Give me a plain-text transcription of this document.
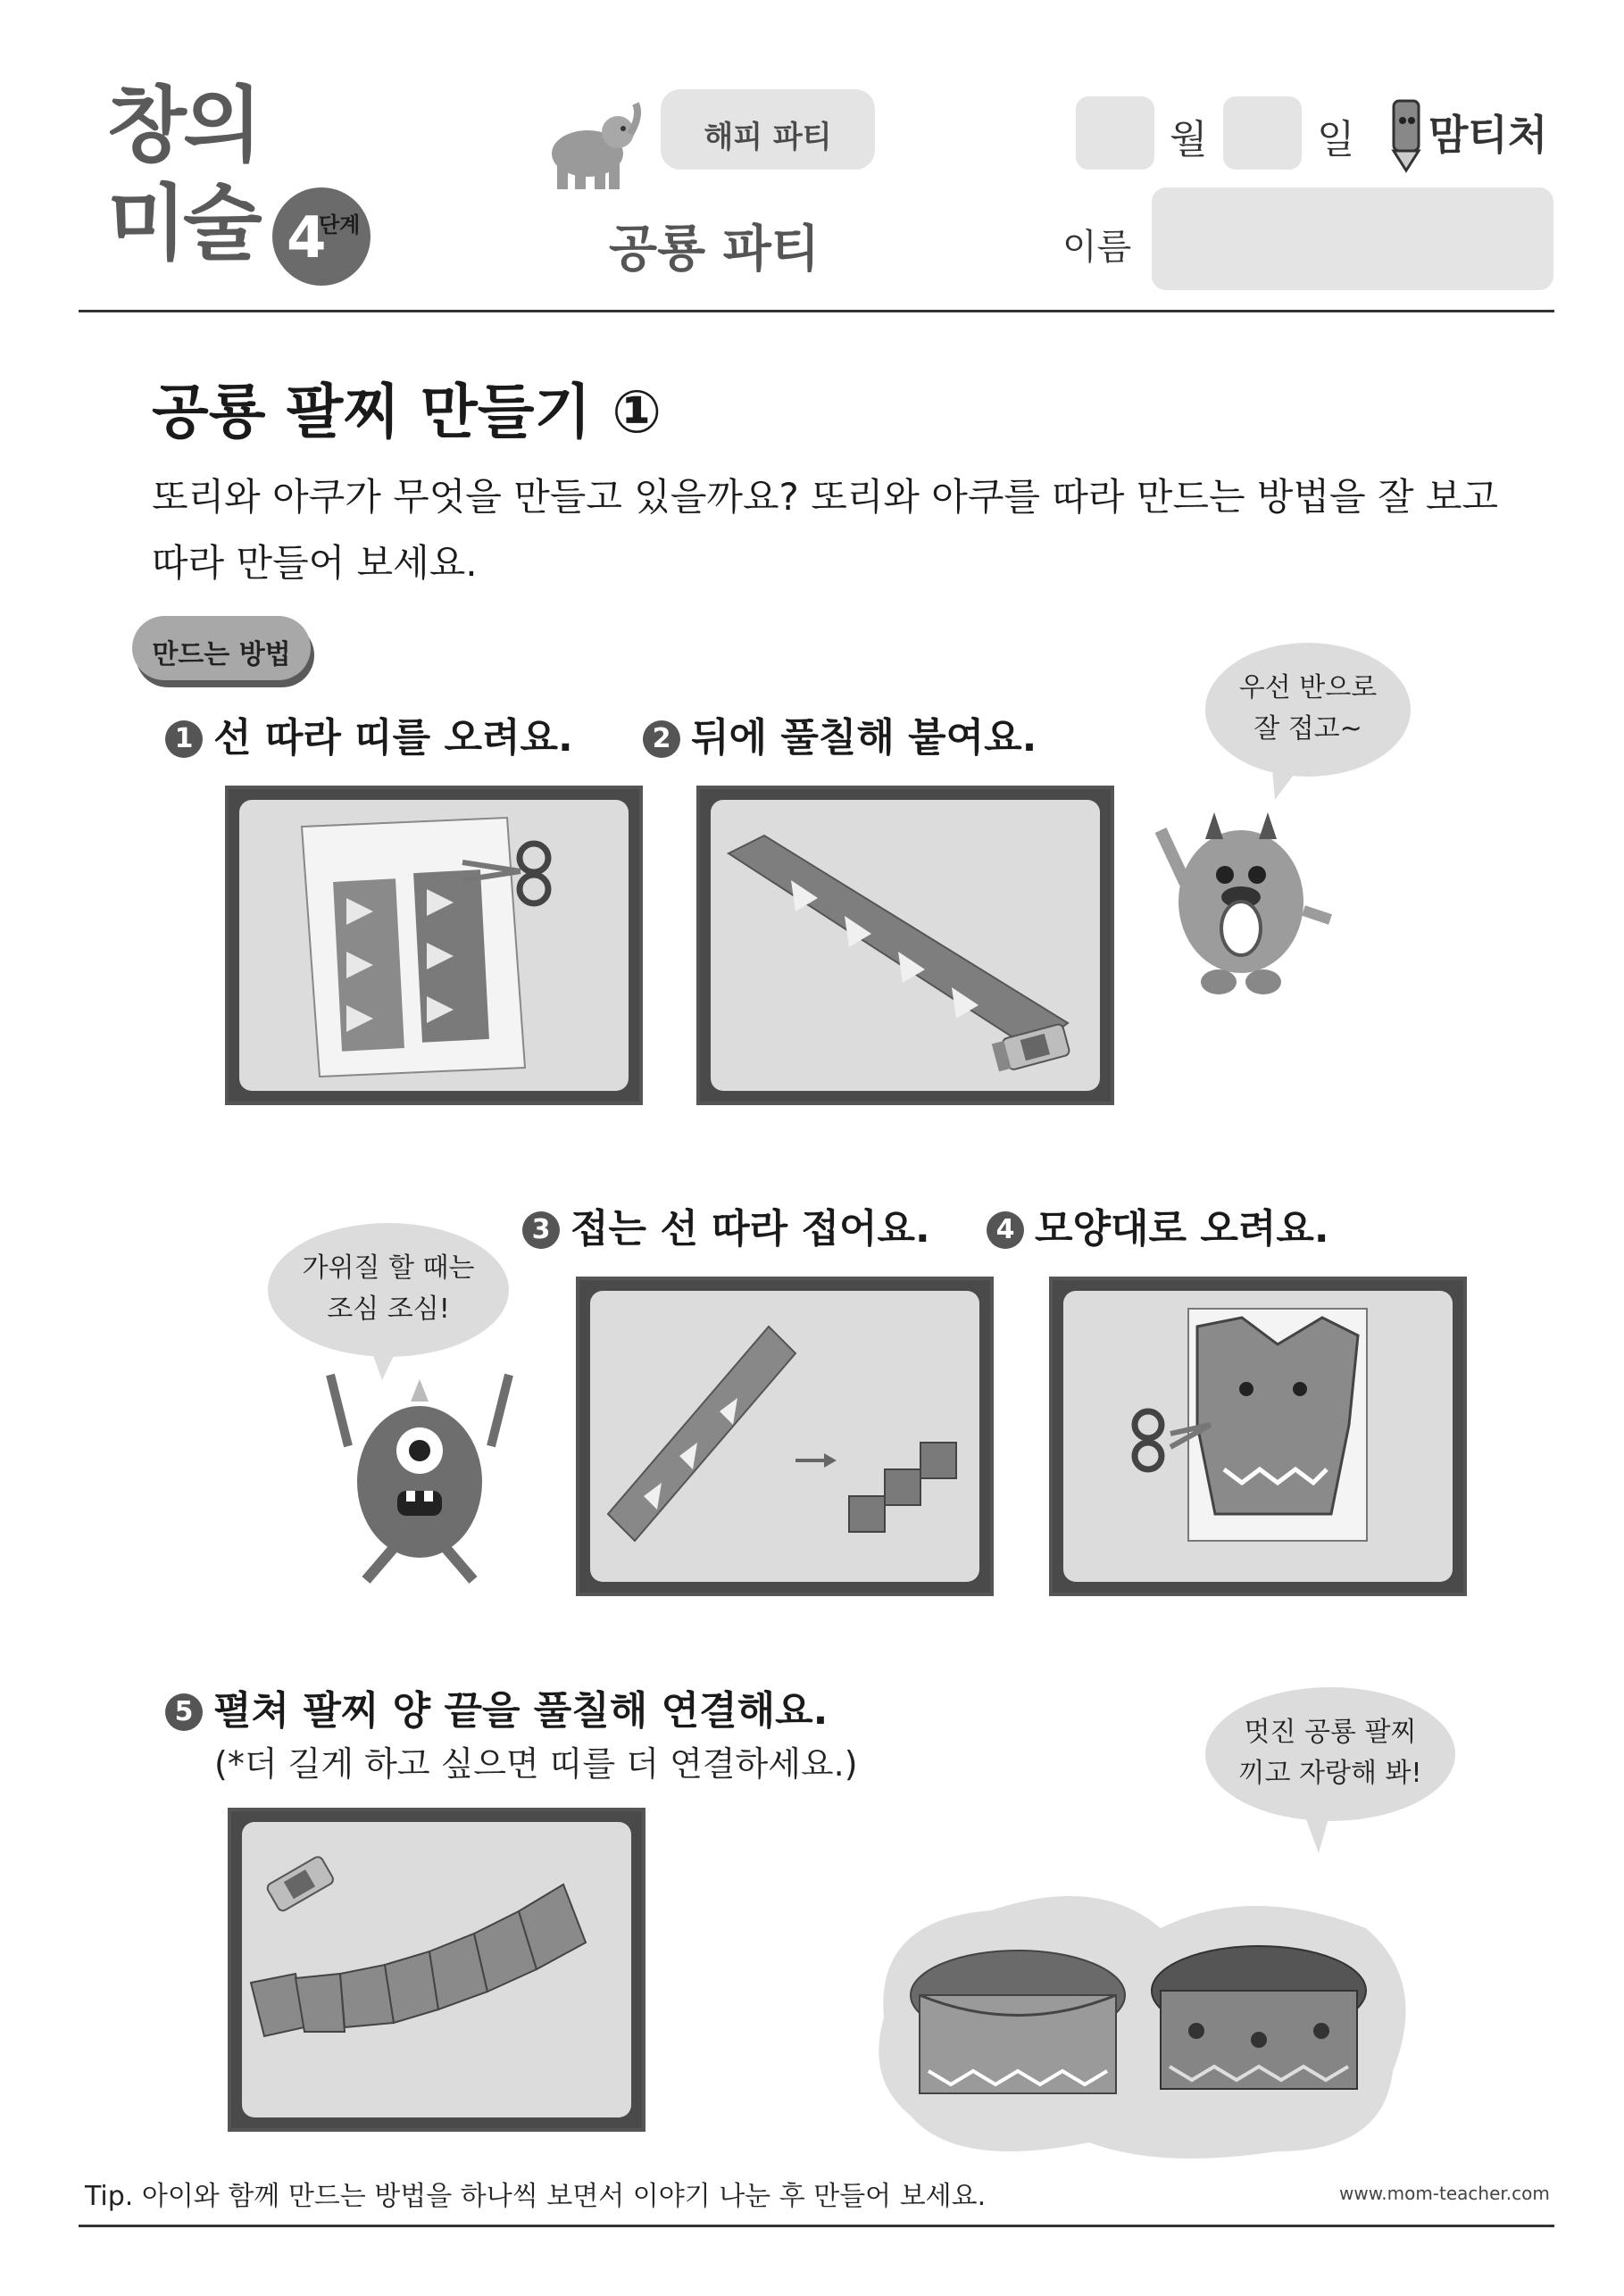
창의
미술 4
단계
해피 파티
공룡 파티
월	일 맘티처
이름
공룡 팔찌 만들기 ①
또리와 아쿠가 무엇을 만들고 있을까요? 또리와 아쿠를 따라 만드는 방법을 잘 보고 따라 만들어 보세요.
만드는 방법
1 선 따라 띠를 오려요.	2 뒤에 풀칠해 붙여요.
우선 반으로
잘 접고~
3 접는 선 따라 접어요.	4 모양대로 오려요.
가위질 할 때는
조심 조심!
5 펼쳐 팔찌 양 끝을 풀칠해 연결해요.
(*더 길게 하고 싶으면 띠를 더 연결하세요.)
멋진 공룡 팔찌
끼고 자랑해 봐!
Tip. 아이와 함께 만드는 방법을 하나씩 보면서 이야기 나눈 후 만들어 보세요.	www.mom-teacher.com
